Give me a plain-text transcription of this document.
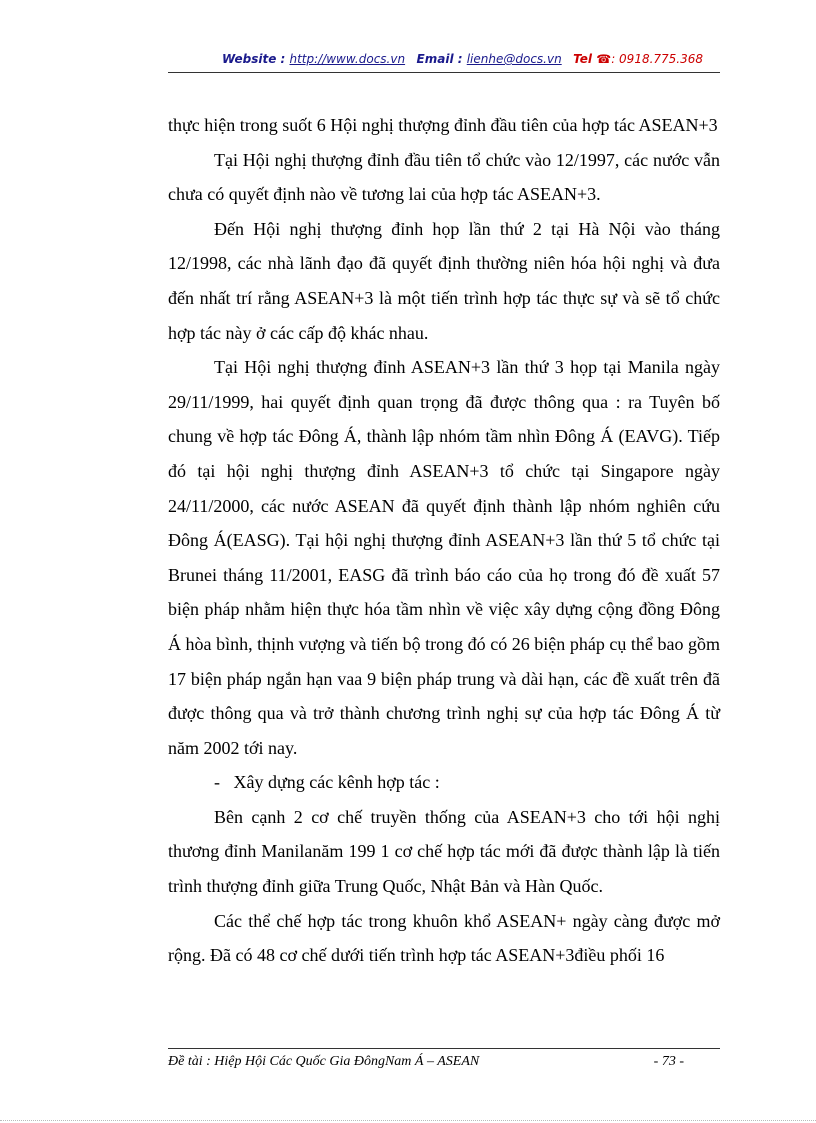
Website : http://www.docs.vn Email : lienhe@docs.vn Tel ☎: 0918.775.368

thực hiện trong suốt 6 Hội nghị thượng đỉnh đầu tiên của hợp tác ASEAN+3

Tại Hội nghị thượng đỉnh đầu tiên tổ chức vào 12/1997, các nước vẫn chưa có quyết định nào về tương lai của hợp tác ASEAN+3.

Đến Hội nghị thượng đỉnh họp lần thứ 2 tại Hà Nội vào tháng 12/1998, các nhà lãnh đạo đã quyết định thường niên hóa hội nghị và đưa đến nhất trí rằng ASEAN+3 là một tiến trình hợp tác thực sự và sẽ tổ chức hợp tác này ở các cấp độ khác nhau.

Tại Hội nghị thượng đỉnh ASEAN+3 lần thứ 3 họp tại Manila ngày 29/11/1999, hai quyết định quan trọng đã được thông qua : ra Tuyên bố chung về hợp tác Đông Á, thành lập nhóm tầm nhìn Đông Á (EAVG). Tiếp đó tại hội nghị thượng đỉnh ASEAN+3 tổ chức tại Singapore ngày 24/11/2000, các nước ASEAN đã quyết định thành lập nhóm nghiên cứu Đông Á(EASG). Tại hội nghị thượng đỉnh ASEAN+3 lần thứ 5 tổ chức tại Brunei tháng 11/2001, EASG đã trình báo cáo của họ trong đó đề xuất 57 biện pháp nhằm hiện thực hóa tầm nhìn về việc xây dựng cộng đồng Đông Á hòa bình, thịnh vượng và tiến bộ trong đó có 26 biện pháp cụ thể bao gồm 17 biện pháp ngắn hạn vaa 9 biện pháp trung và dài hạn, các đề xuất trên đã được thông qua và trở thành chương trình nghị sự của hợp tác Đông Á từ năm 2002 tới nay.

-   Xây dựng các kênh hợp tác :

Bên cạnh 2 cơ chế truyền thống của ASEAN+3 cho tới hội nghị thương đỉnh Manilanăm 199 1 cơ chế hợp tác mới đã được thành lập là tiến trình thượng đỉnh giữa Trung Quốc, Nhật Bản và Hàn Quốc.

Các thể chế hợp tác trong khuôn khổ ASEAN+ ngày càng được mở rộng. Đã có 48 cơ chế dưới tiến trình hợp tác ASEAN+3điều phối 16

Đề tài : Hiệp Hội Các Quốc Gia ĐôngNam Á – ASEAN	- 73 -
